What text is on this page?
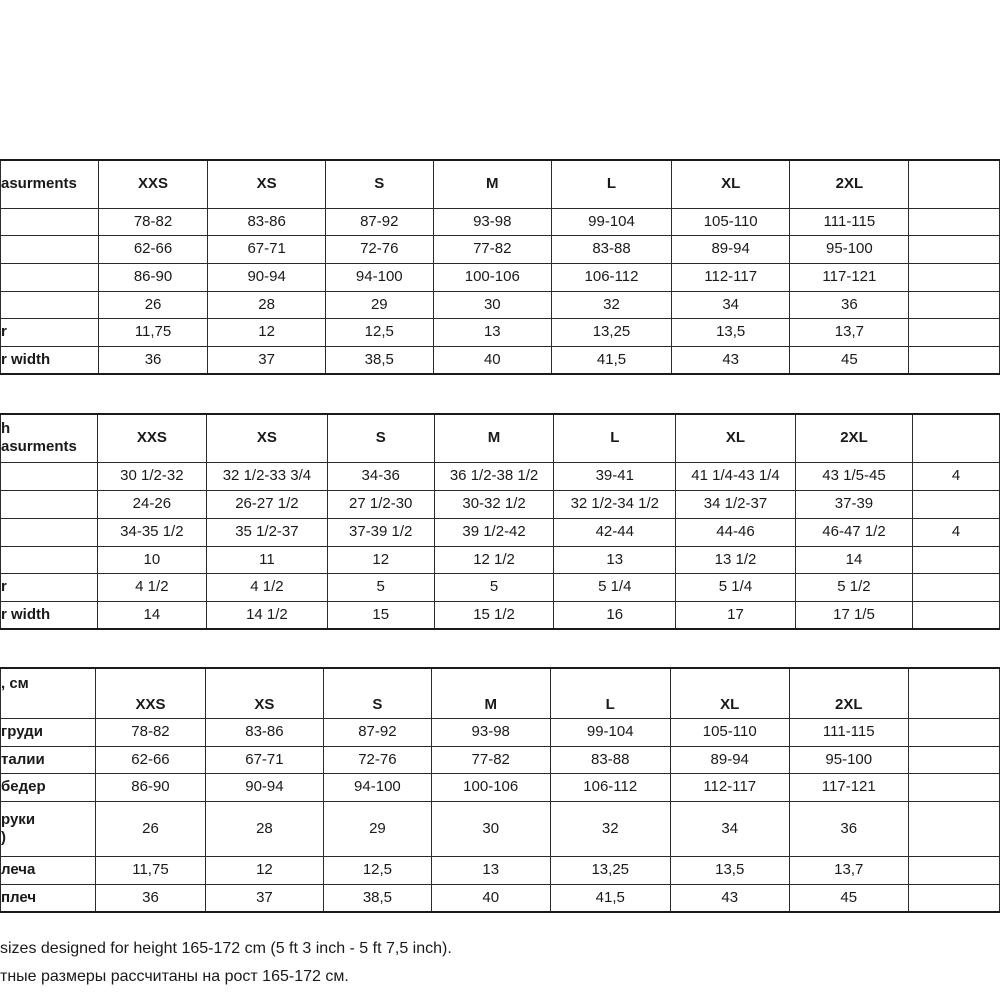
asurments	XXS	XS	S	M	L	XL	2XL	

	78-82	83-86	87-92	93-98	99-104	105-110	111-115	

	62-66	67-71	72-76	77-82	83-88	89-94	95-100	

	86-90	90-94	94-100	100-106	106-112	112-117	117-121	

	26	28	29	30	32	34	36	

r	11,75	12	12,5	13	13,25	13,5	13,7	

r width	36	37	38,5	40	41,5	43	45	
h
asurments	XXS	XS	S	M	L	XL	2XL	

	30 1/2-32	32 1/2-33 3/4	34-36	36 1/2-38 1/2	39-41	41 1/4-43 1/4	43 1/5-45	4

	24-26	26-27 1/2	27 1/2-30	30-32 1/2	32 1/2-34 1/2	34 1/2-37	37-39	

	34-35 1/2	35 1/2-37	37-39 1/2	39 1/2-42	42-44	44-46	46-47 1/2	4

	10	11	12	12 1/2	13	13 1/2	14	

r	4 1/2	4 1/2	5	5	5 1/4	5 1/4	5 1/2	

r width	14	14 1/2	15	15 1/2	16	17	17 1/5	
, см	XXS	XS	S	M	L	XL	2XL	

груди	78-82	83-86	87-92	93-98	99-104	105-110	111-115	

талии	62-66	67-71	72-76	77-82	83-88	89-94	95-100	

бедер	86-90	90-94	94-100	100-106	106-112	112-117	117-121	

руки
)	26	28	29	30	32	34	36	

лечa	11,75	12	12,5	13	13,25	13,5	13,7	

плеч	36	37	38,5	40	41,5	43	45	
sizes designed for height 165-172 cm (5 ft 3 inch - 5 ft 7,5 inch).
тные размеры рассчитаны на рост 165-172 см.
